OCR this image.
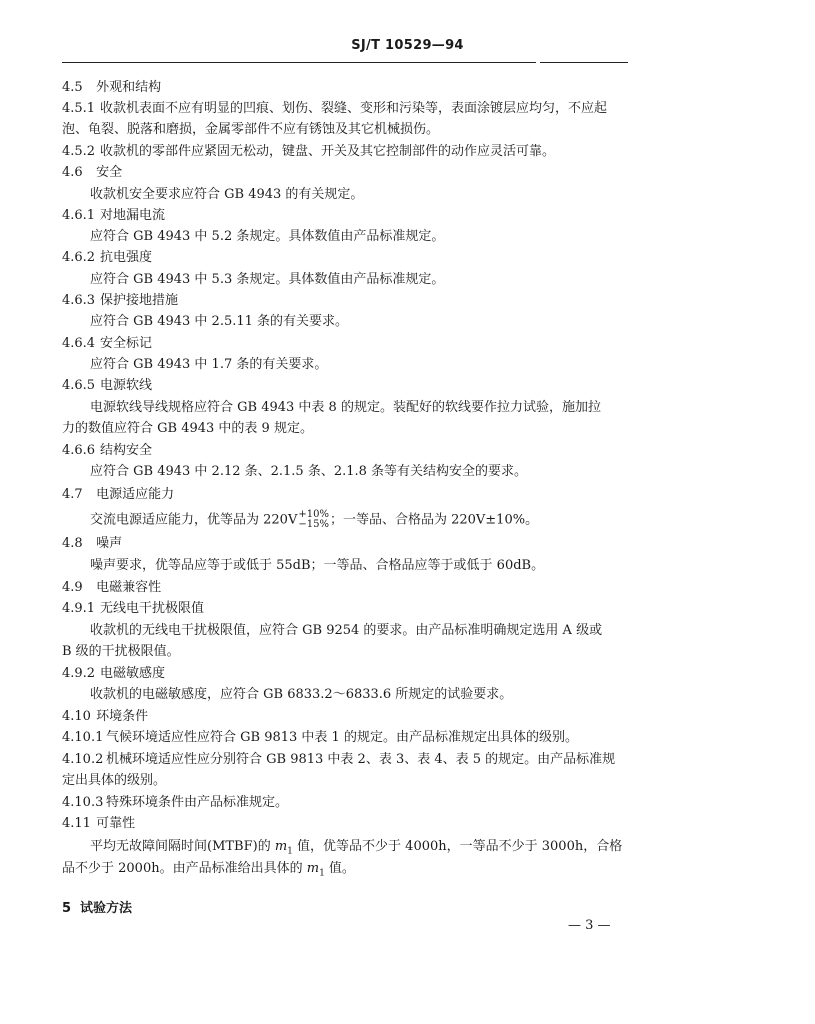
SJ/T 10529—94
4.5 外观和结构
4.5.1 收款机表面不应有明显的凹痕、划伤、裂缝、变形和污染等，表面涂镀层应均匀，不应起
泡、龟裂、脱落和磨损，金属零部件不应有锈蚀及其它机械损伤。
4.5.2 收款机的零部件应紧固无松动，键盘、开关及其它控制部件的动作应灵活可靠。
4.6 安全
收款机安全要求应符合 GB 4943 的有关规定。
4.6.1 对地漏电流
应符合 GB 4943 中 5.2 条规定。具体数值由产品标准规定。
4.6.2 抗电强度
应符合 GB 4943 中 5.3 条规定。具体数值由产品标准规定。
4.6.3 保护接地措施
应符合 GB 4943 中 2.5.11 条的有关要求。
4.6.4 安全标记
应符合 GB 4943 中 1.7 条的有关要求。
4.6.5 电源软线
电源软线导线规格应符合 GB 4943 中表 8 的规定。装配好的软线要作拉力试验，施加拉
力的数值应符合 GB 4943 中的表 9 规定。
4.6.6 结构安全
应符合 GB 4943 中 2.12 条、2.1.5 条、2.1.8 条等有关结构安全的要求。
4.7 电源适应能力
交流电源适应能力，优等品为 220V +10%
−15% ；一等品、合格品为 220V±10%。
4.8 噪声
噪声要求，优等品应等于或低于 55dB；一等品、合格品应等于或低于 60dB。
4.9 电磁兼容性
4.9.1 无线电干扰极限值
收款机的无线电干扰极限值，应符合 GB 9254 的要求。由产品标准明确规定选用 A 级或
B 级的干扰极限值。
4.9.2 电磁敏感度
收款机的电磁敏感度，应符合 GB 6833.2～6833.6 所规定的试验要求。
4.10 环境条件
4.10.1 气候环境适应性应符合 GB 9813 中表 1 的规定。由产品标准规定出具体的级别。
4.10.2 机械环境适应性应分别符合 GB 9813 中表 2、表 3、表 4、表 5 的规定。由产品标准规
定出具体的级别。
4.10.3 特殊环境条件由产品标准规定。
4.11 可靠性
平均无故障间隔时间(MTBF)的 $m_1$ 值，优等品不少于 4000h，一等品不少于 3000h，合格
品不少于 2000h。由产品标准给出具体的 $m_1$ 值。
5 试验方法
— 3 —
